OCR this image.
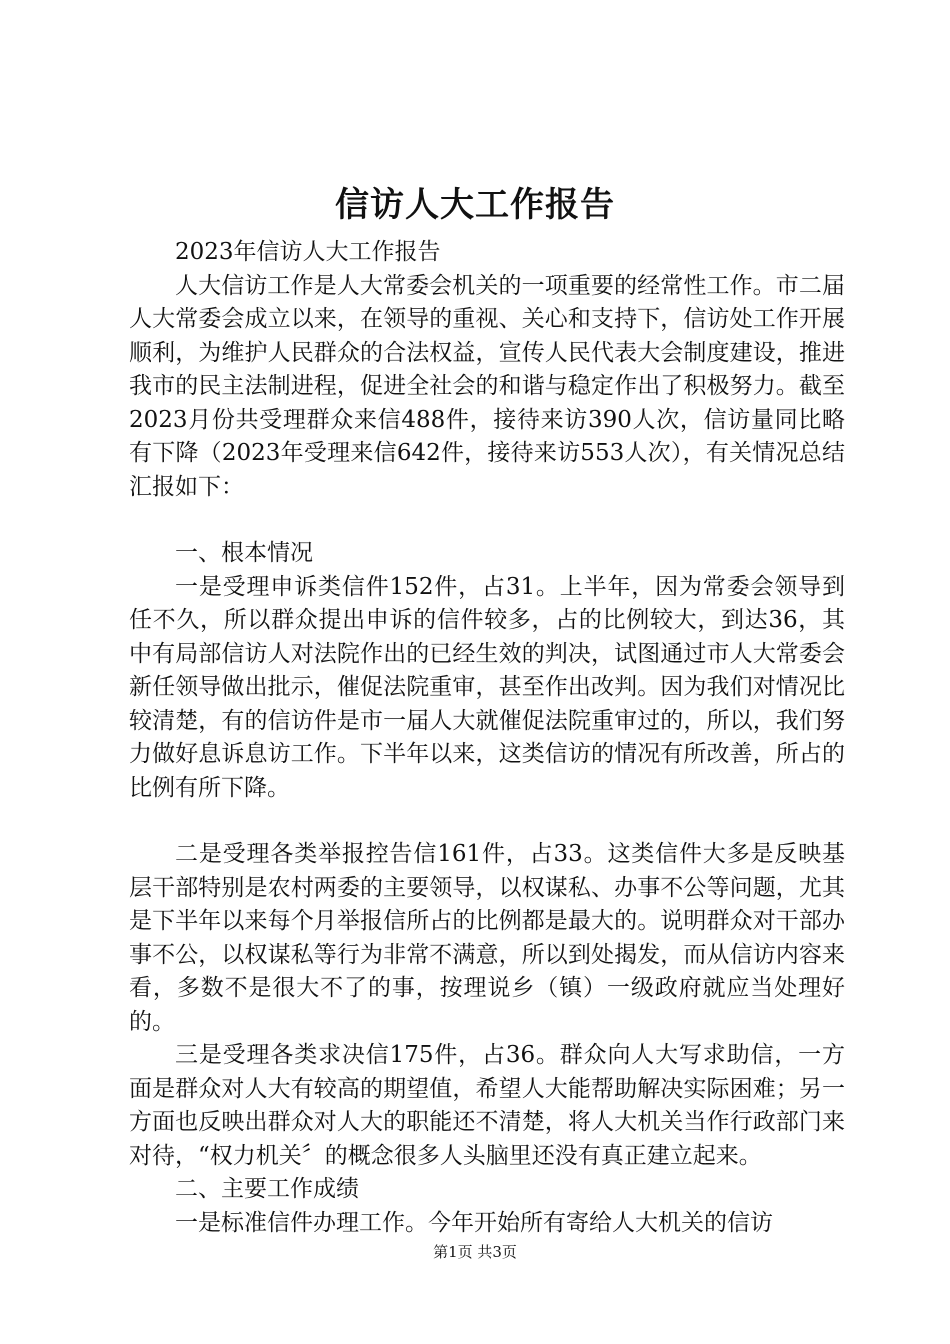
信访人大工作报告

2023年信访人大工作报告

人大信访工作是人大常委会机关的一项重要的经常性工作。市二届人大常委会成立以来，在领导的重视、关心和支持下，信访处工作开展顺利，为维护人民群众的合法权益，宣传人民代表大会制度建设，推进我市的民主法制进程，促进全社会的和谐与稳定作出了积极努力。截至2023月份共受理群众来信488件，接待来访390人次，信访量同比略有下降（2023年受理来信642件，接待来访553人次），有关情况总结汇报如下：

一、根本情况

一是受理申诉类信件152件，占31。上半年，因为常委会领导到任不久，所以群众提出申诉的信件较多，占的比例较大，到达36，其中有局部信访人对法院作出的已经生效的判决，试图通过市人大常委会新任领导做出批示，催促法院重审，甚至作出改判。因为我们对情况比较清楚，有的信访件是市一届人大就催促法院重审过的，所以，我们努力做好息诉息访工作。下半年以来，这类信访的情况有所改善，所占的比例有所下降。

二是受理各类举报控告信161件，占33。这类信件大多是反映基层干部特别是农村两委的主要领导，以权谋私、办事不公等问题，尤其是下半年以来每个月举报信所占的比例都是最大的。说明群众对干部办事不公，以权谋私等行为非常不满意，所以到处揭发，而从信访内容来看，多数不是很大不了的事，按理说乡（镇）一级政府就应当处理好的。

三是受理各类求决信175件，占36。群众向人大写求助信，一方面是群众对人大有较高的期望值，希望人大能帮助解决实际困难；另一方面也反映出群众对人大的职能还不清楚，将人大机关当作行政部门来对待，“权力机关〞的概念很多人头脑里还没有真正建立起来。

二、主要工作成绩

一是标准信件办理工作。今年开始所有寄给人大机关的信访

第1页 共3页
